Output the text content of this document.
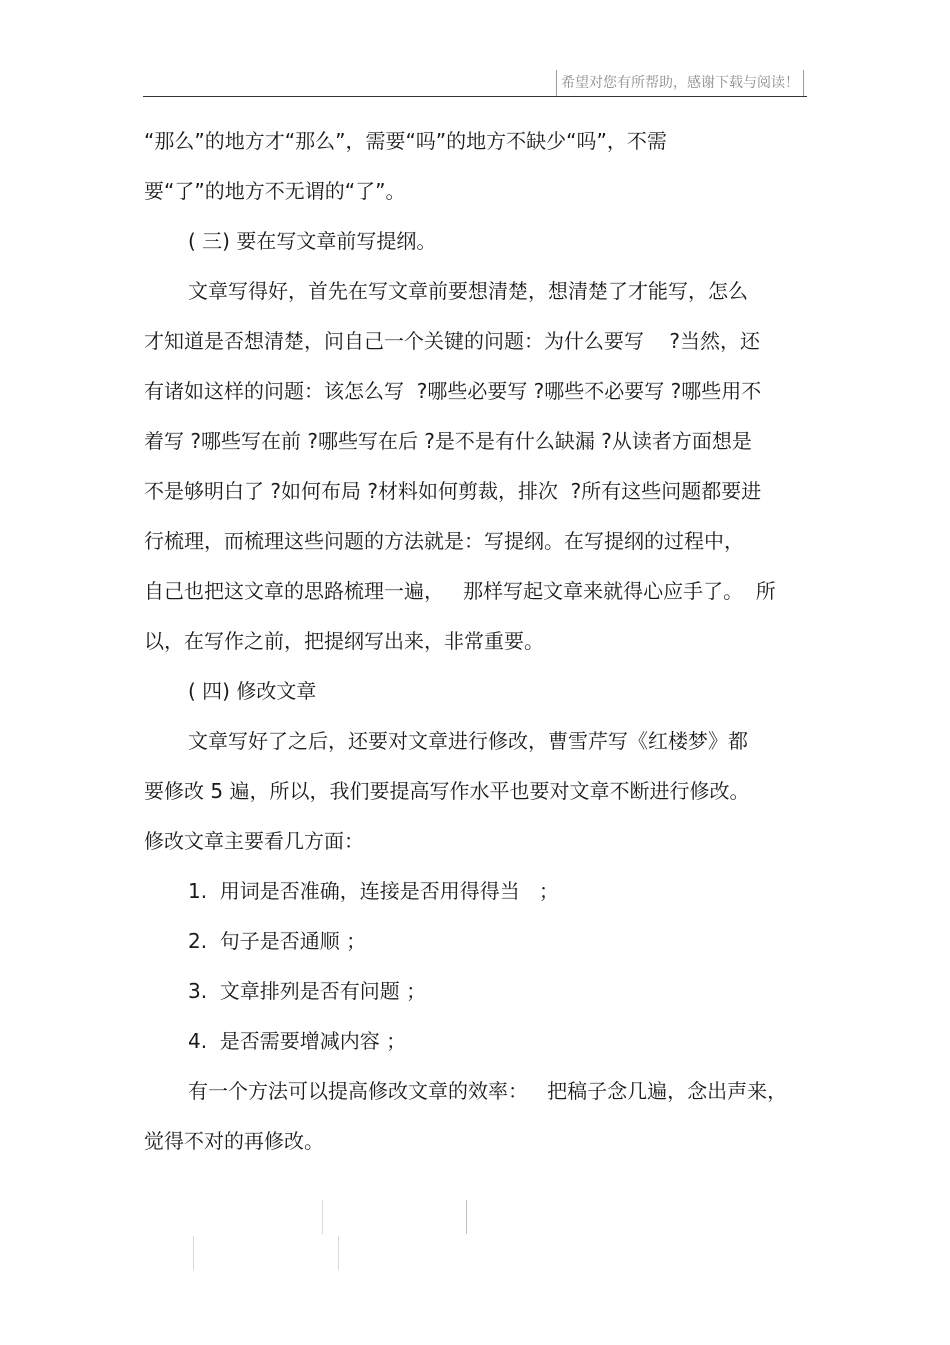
希望对您有所帮助，感谢下载与阅读！
“那么”的地方才“那么”，需要“吗”的地方不缺少“吗”，不需
要“了”的地方不无谓的“了”。
( 三) 要在写文章前写提纲。
文章写得好，首先在写文章前要想清楚，想清楚了才能写，怎么
才知道是否想清楚，问自己一个关键的问题：为什么要写    ?当然，还
有诸如这样的问题：该怎么写  ?哪些必要写 ?哪些不必要写 ?哪些用不
着写 ?哪些写在前 ?哪些写在后 ?是不是有什么缺漏 ?从读者方面想是
不是够明白了 ?如何布局 ?材料如何剪裁，排次  ?所有这些问题都要进
行梳理，而梳理这些问题的方法就是：写提纲。在写提纲的过程中，
自己也把这文章的思路梳理一遍，   那样写起文章来就得心应手了。  所
以，在写作之前，把提纲写出来，非常重要。
( 四) 修改文章
文章写好了之后，还要对文章进行修改，曹雪芹写《红楼梦》都
要修改 5 遍，所以，我们要提高写作水平也要对文章不断进行修改。
修改文章主要看几方面：
1.  用词是否准确，连接是否用得得当   ；
2.  句子是否通顺 ；
3.  文章排列是否有问题 ；
4.  是否需要增减内容 ；
有一个方法可以提高修改文章的效率：   把稿子念几遍，念出声来，
觉得不对的再修改。
